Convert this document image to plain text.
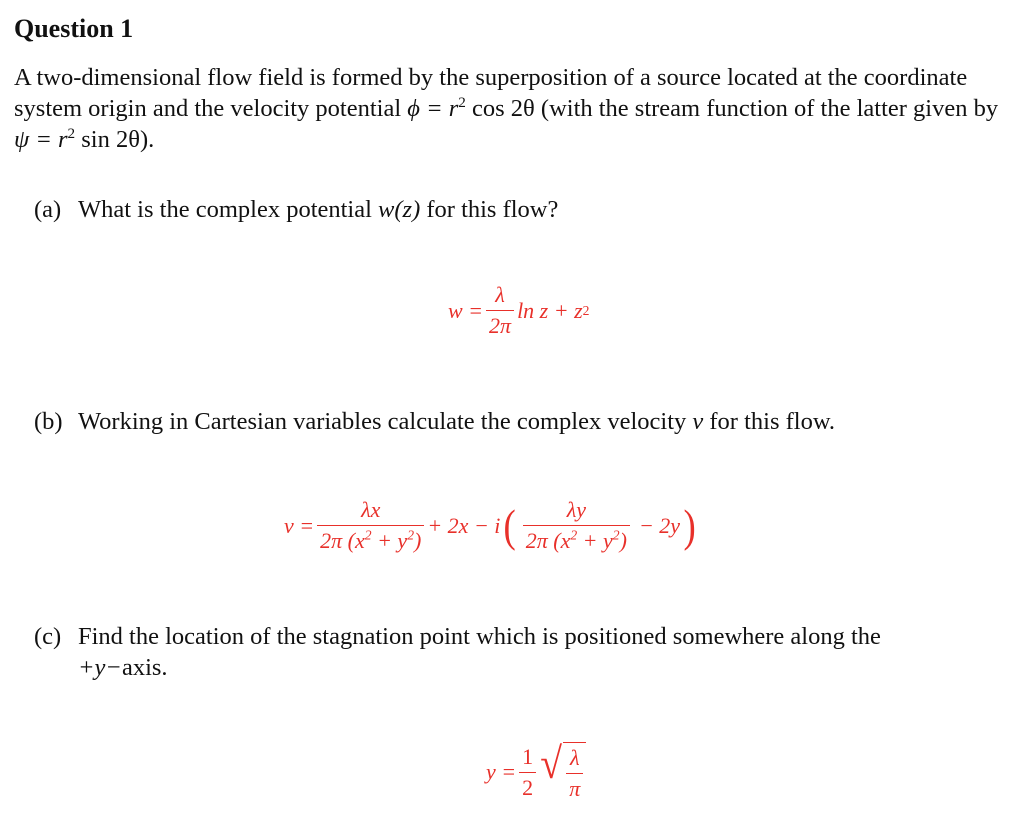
Question 1
A two-dimensional flow field is formed by the superposition of a source located at the coordinate system origin and the velocity potential $\phi = r^2$ cos 2θ (with the stream function of the latter given by $\psi = r^2$ sin 2θ).
(a) What is the complex potential w(z) for this flow?
$w = \frac{\lambda}{2\pi}$ ln z + z 2
(b) Working in Cartesian variables calculate the complex velocity ν for this flow.
$\nu = \frac{\lambda x}{2\pi (x^2 + y^2)} + 2x - i$ ( $\frac{\lambda y}{2\pi (x^2 + y^2)} - 2y$ )
(c) Find the location of the stagnation point which is positioned somewhere along the
+y−axis.
$y = \frac{1}{2}$ √ $\frac{\lambda}{\pi}$
